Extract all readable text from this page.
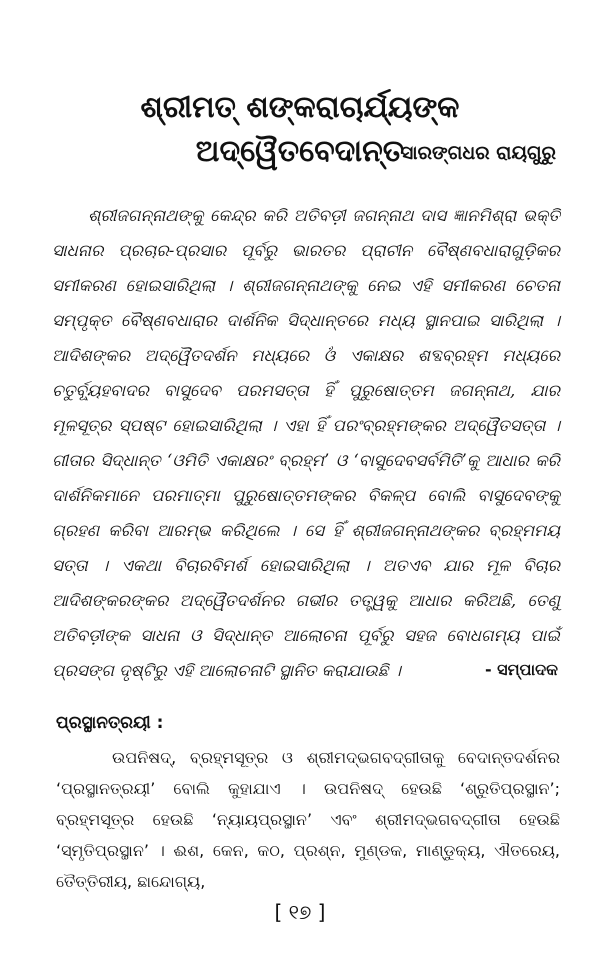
ଶ୍ରୀମତ୍ ଶଙ୍କରାଚାର୍ଯ୍ୟଙ୍କ ଅଦ୍ୱୈତବେଦାନ୍ତ
ସାରଙ୍ଗଧର ରାୟଗୁରୁ

ଶ୍ରୀଜଗନ୍ନାଥଙ୍କୁ କେନ୍ଦ୍ର କରି ଅତିବଡ଼ୀ ଜଗନ୍ନାଥ ଦାସ ଜ୍ଞାନମିଶ୍ରା ଭକ୍ତି ସାଧନାର ପ୍ରଚାର-ପ୍ରସାର ପୂର୍ବରୁ ଭାରତର ପ୍ରାଚୀନ ବୈଷ୍ଣବଧାରାଗୁଡ଼ିକର ସମୀକରଣ ହୋଇସାରିଥିଲା । ଶ୍ରୀଜଗନ୍ନାଥଙ୍କୁ ନେଇ ଏହି ସମୀକରଣ ଚେତନା ସମ୍ପୃକ୍ତ ବୈଷ୍ଣବଧାରାର ଦାର୍ଶନିକ ସିଦ୍ଧାନ୍ତରେ ମଧ୍ୟ ସ୍ଥାନପାଇ ସାରିଥିଲା । ଆଦିଶଙ୍କର ଅଦ୍ୱୈତଦର୍ଶନ ମଧ୍ୟରେ ଓଁ ଏକାକ୍ଷର ଶବ୍ଦବ୍ରହ୍ମ ମଧ୍ୟରେ ଚତୁର୍ବ୍ୟୂହବାଦର ବାସୁଦେବ ପରମସତ୍ତା ହିଁ ପୁରୁଷୋତ୍ତମ ଜଗନ୍ନାଥ, ଯାର ମୂଳସୂତ୍ର ସ୍ପଷ୍ଟ ହୋଇସାରିଥିଲା । ଏହା ହିଁ ପରଂବ୍ରହ୍ମଙ୍କର ଅଦ୍ୱୈତସତ୍ତା । ଗୀତାର ସିଦ୍ଧାନ୍ତ ‘ଓମିତି ଏକାକ୍ଷରଂ ବ୍ରହ୍ମ’ ଓ ‘ବାସୁଦେବସର୍ବମିତି’କୁ ଆଧାର କରି ଦାର୍ଶନିକମାନେ ପରମାତ୍ମା ପୁରୁଷୋତ୍ତମଙ୍କର ବିକଳ୍ପ ବୋଲି ବାସୁଦେବଙ୍କୁ ଗ୍ରହଣ କରିବା ଆରମ୍ଭ କରିଥିଲେ । ସେ ହିଁ ଶ୍ରୀଜଗନ୍ନାଥଙ୍କର ବ୍ରହ୍ମମୟ ସତ୍ତା । ଏକଥା ବିଚାରବିମର୍ଶ ହୋଇସାରିଥିଲା । ଅତଏବ ଯାର ମୂଳ ବିଚାର ଆଦିଶଙ୍କରଙ୍କର ଅଦ୍ୱୈତଦର୍ଶନର ଗଭୀର ତତ୍ତ୍ୱକୁ ଆଧାର କରିଅଛି, ତେଣୁ ଅତିବଡ଼ୀଙ୍କ ସାଧନା ଓ ସିଦ୍ଧାନ୍ତ ଆଲୋଚନା ପୂର୍ବରୁ ସହଜ ବୋଧଗମ୍ୟ ପାଇଁ ପ୍ରସଙ୍ଗ ଦୃଷ୍ଟିରୁ ଏହି ଆଲୋଚନାଟି ସ୍ଥାନିତ କରାଯାଉଛି ।	- ସମ୍ପାଦକ
ପ୍ରସ୍ଥାନତ୍ରୟୀ :

ଉପନିଷଦ୍, ବ୍ରହ୍ମସୂତ୍ର ଓ ଶ୍ରୀମଦ୍‌ଭଗବଦ୍‌ଗୀତାକୁ ବେଦାନ୍ତଦର୍ଶନର ‘ପ୍ରସ୍ଥାନତ୍ରୟୀ’ ବୋଲି କୁହାଯାଏ । ଉପନିଷଦ୍ ହେଉଛି ‘ଶ୍ରୁତିପ୍ରସ୍ଥାନ’; ବ୍ରହ୍ମସୂତ୍ର ହେଉଛି ‘ନ୍ୟାୟପ୍ରସ୍ଥାନ’ ଏବଂ ଶ୍ରୀମଦ୍‌ଭଗବଦ୍‌ଗୀତା ହେଉଛି ‘ସ୍ମୃତିପ୍ରସ୍ଥାନ’ । ଈଶ, କେନ, କଠ, ପ୍ରଶ୍ନ, ମୁଣ୍ଡକ, ମାଣ୍ଡୁକ୍ୟ, ଐତରେୟ, ତୈତ୍ତିରୀୟ, ଛାନ୍ଦୋଗ୍ୟ,

[ ୧୭ ]
